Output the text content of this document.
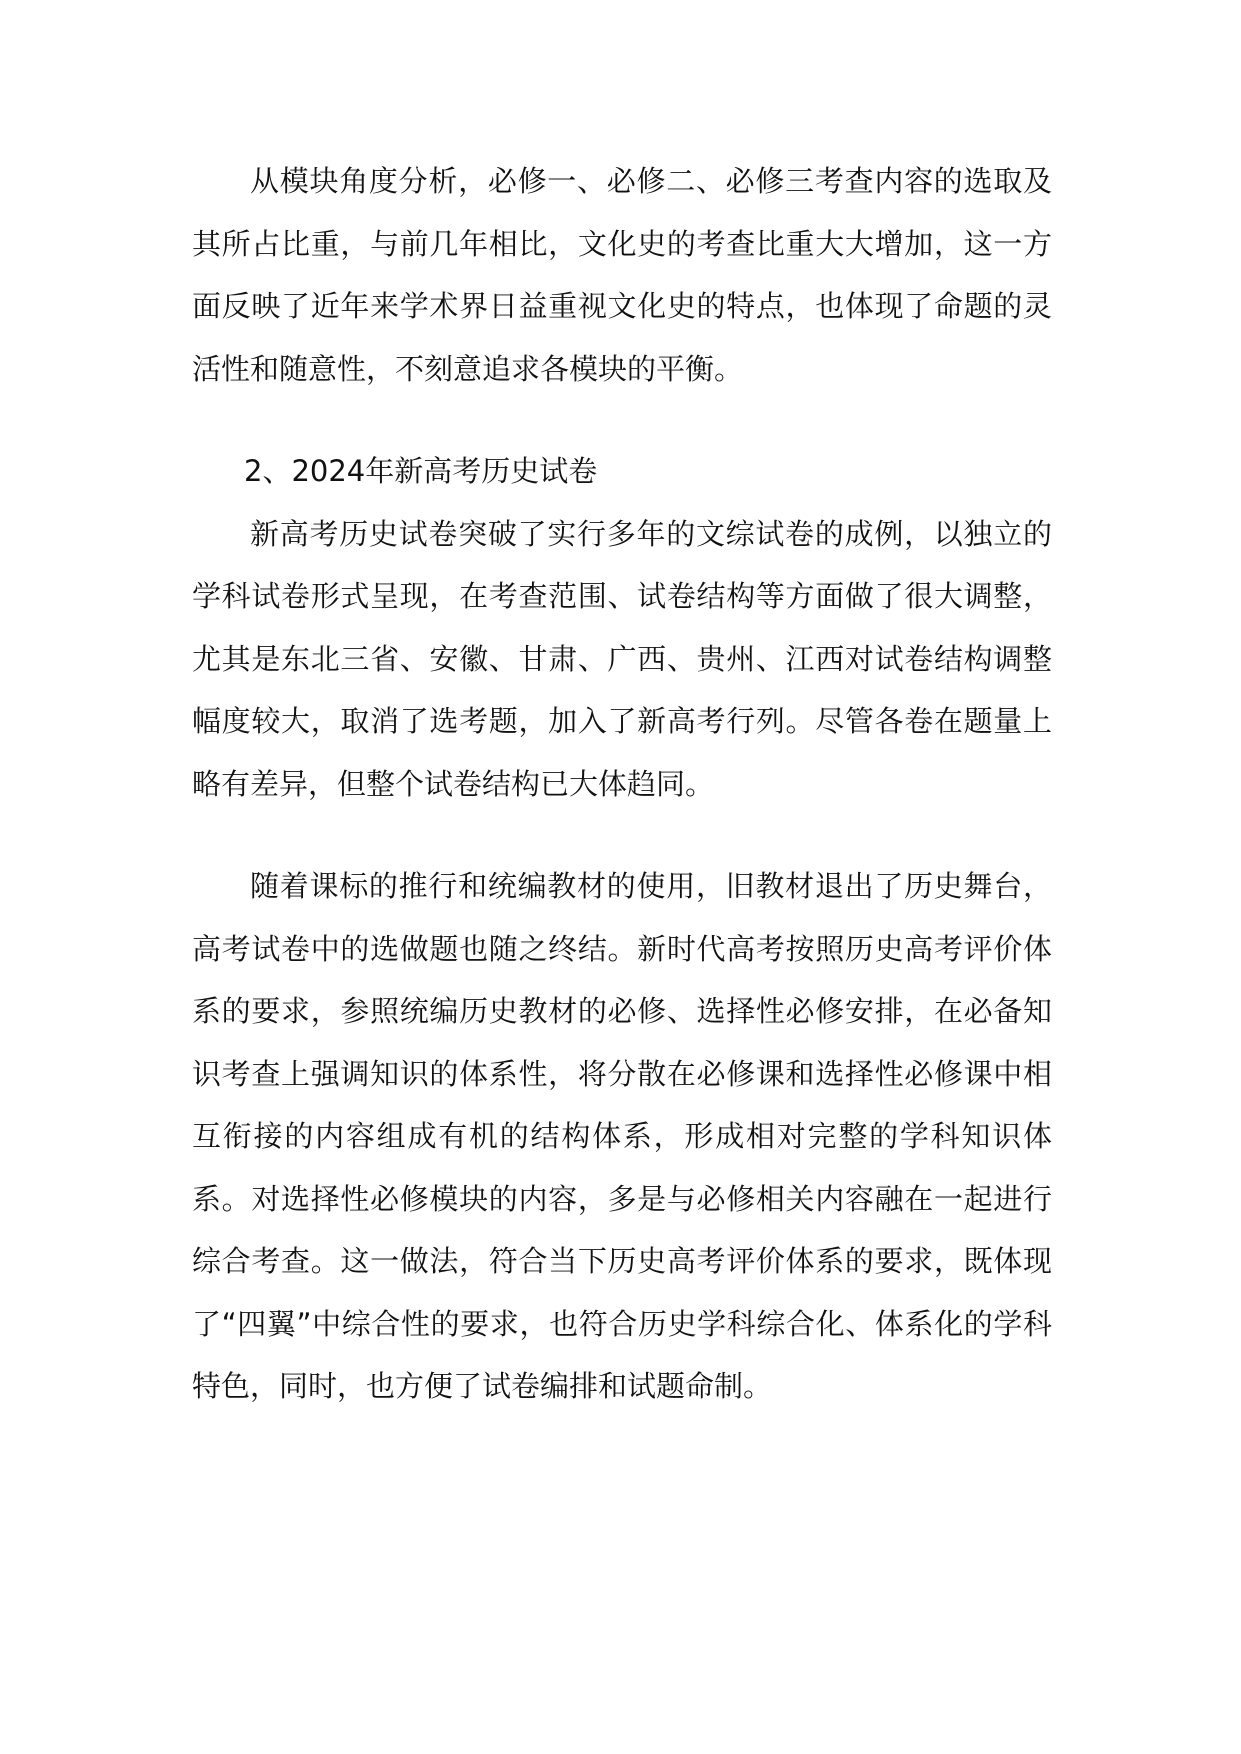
从模块角度分析，必修一、必修二、必修三考查内容的选取及其所占比重，与前几年相比，文化史的考查比重大大增加，这一方面反映了近年来学术界日益重视文化史的特点，也体现了命题的灵活性和随意性，不刻意追求各模块的平衡。

2、2024年新高考历史试卷

新高考历史试卷突破了实行多年的文综试卷的成例，以独立的学科试卷形式呈现，在考查范围、试卷结构等方面做了很大调整，尤其是东北三省、安徽、甘肃、广西、贵州、江西对试卷结构调整幅度较大，取消了选考题，加入了新高考行列。尽管各卷在题量上略有差异，但整个试卷结构已大体趋同。

随着课标的推行和统编教材的使用，旧教材退出了历史舞台，高考试卷中的选做题也随之终结。新时代高考按照历史高考评价体系的要求，参照统编历史教材的必修、选择性必修安排，在必备知识考查上强调知识的体系性，将分散在必修课和选择性必修课中相互衔接的内容组成有机的结构体系，形成相对完整的学科知识体系。对选择性必修模块的内容，多是与必修相关内容融在一起进行综合考查。这一做法，符合当下历史高考评价体系的要求，既体现了“四翼”中综合性的要求，也符合历史学科综合化、体系化的学科特色，同时，也方便了试卷编排和试题命制。
